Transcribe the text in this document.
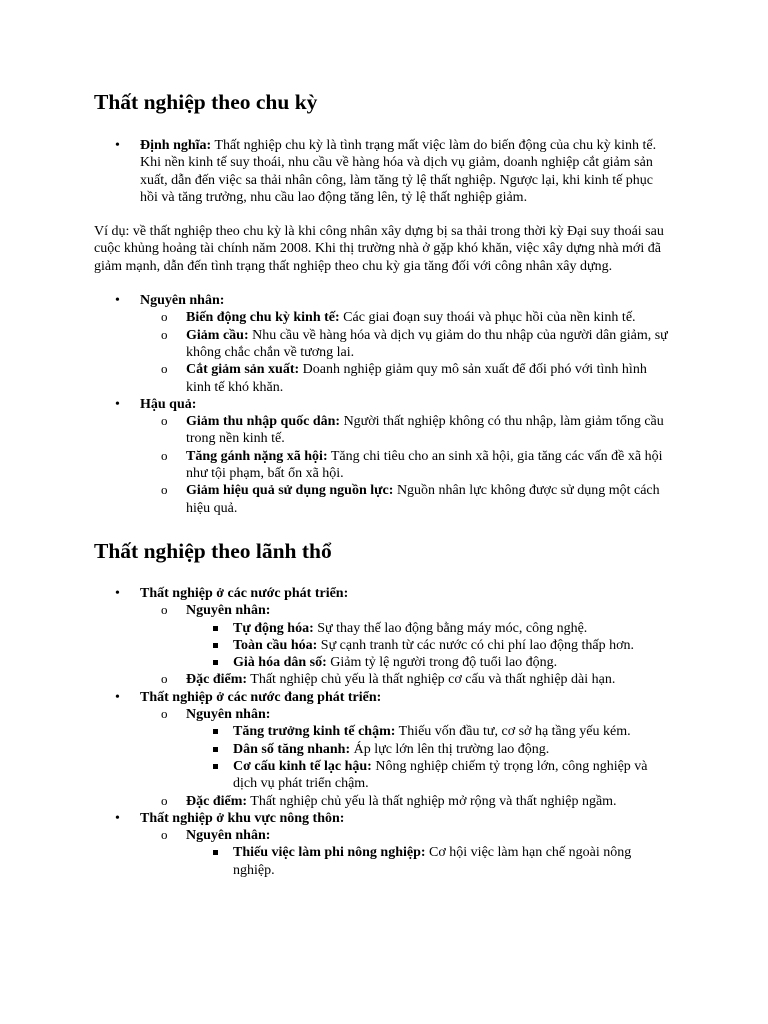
Thất nghiệp theo chu kỳ
• Định nghĩa: Thất nghiệp chu kỳ là tình trạng mất việc làm do biến động của chu kỳ kinh tế. Khi nền kinh tế suy thoái, nhu cầu về hàng hóa và dịch vụ giảm, doanh nghiệp cắt giảm sản xuất, dẫn đến việc sa thải nhân công, làm tăng tỷ lệ thất nghiệp. Ngược lại, khi kinh tế phục hồi và tăng trưởng, nhu cầu lao động tăng lên, tỷ lệ thất nghiệp giảm.

Ví dụ: về thất nghiệp theo chu kỳ là khi công nhân xây dựng bị sa thải trong thời kỳ Đại suy thoái sau cuộc khủng hoảng tài chính năm 2008. Khi thị trường nhà ở gặp khó khăn, việc xây dựng nhà mới đã giảm mạnh, dẫn đến tình trạng thất nghiệp theo chu kỳ gia tăng đối với công nhân xây dựng.

• Nguyên nhân:
o Biến động chu kỳ kinh tế: Các giai đoạn suy thoái và phục hồi của nền kinh tế.
o Giảm cầu: Nhu cầu về hàng hóa và dịch vụ giảm do thu nhập của người dân giảm, sự không chắc chắn về tương lai.
o Cắt giảm sản xuất: Doanh nghiệp giảm quy mô sản xuất để đối phó với tình hình kinh tế khó khăn.
• Hậu quả:
o Giảm thu nhập quốc dân: Người thất nghiệp không có thu nhập, làm giảm tổng cầu trong nền kinh tế.
o Tăng gánh nặng xã hội: Tăng chi tiêu cho an sinh xã hội, gia tăng các vấn đề xã hội như tội phạm, bất ổn xã hội.
o Giảm hiệu quả sử dụng nguồn lực: Nguồn nhân lực không được sử dụng một cách hiệu quả.
Thất nghiệp theo lãnh thổ
• Thất nghiệp ở các nước phát triển:
o Nguyên nhân:
Tự động hóa: Sự thay thế lao động bằng máy móc, công nghệ.
Toàn cầu hóa: Sự cạnh tranh từ các nước có chi phí lao động thấp hơn.
Già hóa dân số: Giảm tỷ lệ người trong độ tuổi lao động.
o Đặc điểm: Thất nghiệp chủ yếu là thất nghiệp cơ cấu và thất nghiệp dài hạn.
• Thất nghiệp ở các nước đang phát triển:
o Nguyên nhân:
Tăng trưởng kinh tế chậm: Thiếu vốn đầu tư, cơ sở hạ tầng yếu kém.
Dân số tăng nhanh: Áp lực lớn lên thị trường lao động.
Cơ cấu kinh tế lạc hậu: Nông nghiệp chiếm tỷ trọng lớn, công nghiệp và dịch vụ phát triển chậm.
o Đặc điểm: Thất nghiệp chủ yếu là thất nghiệp mở rộng và thất nghiệp ngầm.
• Thất nghiệp ở khu vực nông thôn:
o Nguyên nhân:
Thiếu việc làm phi nông nghiệp: Cơ hội việc làm hạn chế ngoài nông nghiệp.
